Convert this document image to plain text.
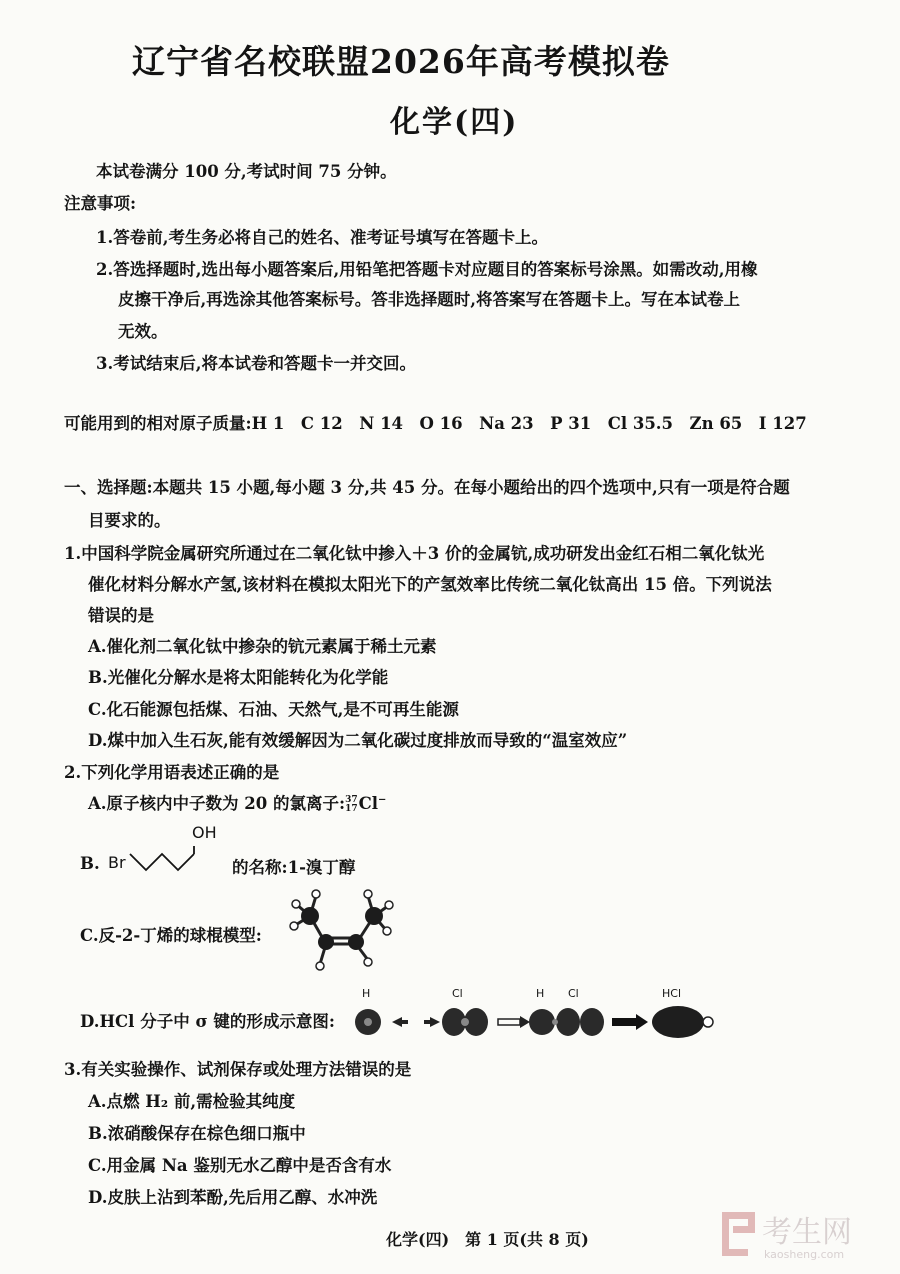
辽宁省名校联盟2026年高考模拟卷
化学(四)
本试卷满分 100 分,考试时间 75 分钟。
注意事项:
1.答卷前,考生务必将自己的姓名、准考证号填写在答题卡上。
2.答选择题时,选出每小题答案后,用铅笔把答题卡对应题目的答案标号涂黑。如需改动,用橡
皮擦干净后,再选涂其他答案标号。答非选择题时,将答案写在答题卡上。写在本试卷上
无效。
3.考试结束后,将本试卷和答题卡一并交回。
可能用到的相对原子质量:H 1　C 12　N 14　O 16　Na 23　P 31　Cl 35.5　Zn 65　I 127
一、选择题:本题共 15 小题,每小题 3 分,共 45 分。在每小题给出的四个选项中,只有一项是符合题
目要求的。
1.中国科学院金属研究所通过在二氧化钛中掺入＋3 价的金属钪,成功研发出金红石相二氧化钛光
催化材料分解水产氢,该材料在模拟太阳光下的产氢效率比传统二氧化钛高出 15 倍。下列说法
错误的是
A.催化剂二氧化钛中掺杂的钪元素属于稀土元素
B.光催化分解水是将太阳能转化为化学能
C.化石能源包括煤、石油、天然气,是不可再生能源
D.煤中加入生石灰,能有效缓解因为二氧化碳过度排放而导致的“温室效应”
2.下列化学用语表述正确的是
A.原子核内中子数为 20 的氯离子: 37
17 Cl−
B. Br
OH
的名称:1-溴丁醇
C.反-2-丁烯的球棍模型:
D.HCl 分子中 σ 键的形成示意图:
H	Cl	H Cl	HCl
3.有关实验操作、试剂保存或处理方法错误的是
A.点燃 H₂ 前,需检验其纯度
B.浓硝酸保存在棕色细口瓶中
C.用金属 Na 鉴别无水乙醇中是否含有水
D.皮肤上沾到苯酚,先后用乙醇、水冲洗
化学(四)　第 1 页(共 8 页)	考生网
kaosheng.com
